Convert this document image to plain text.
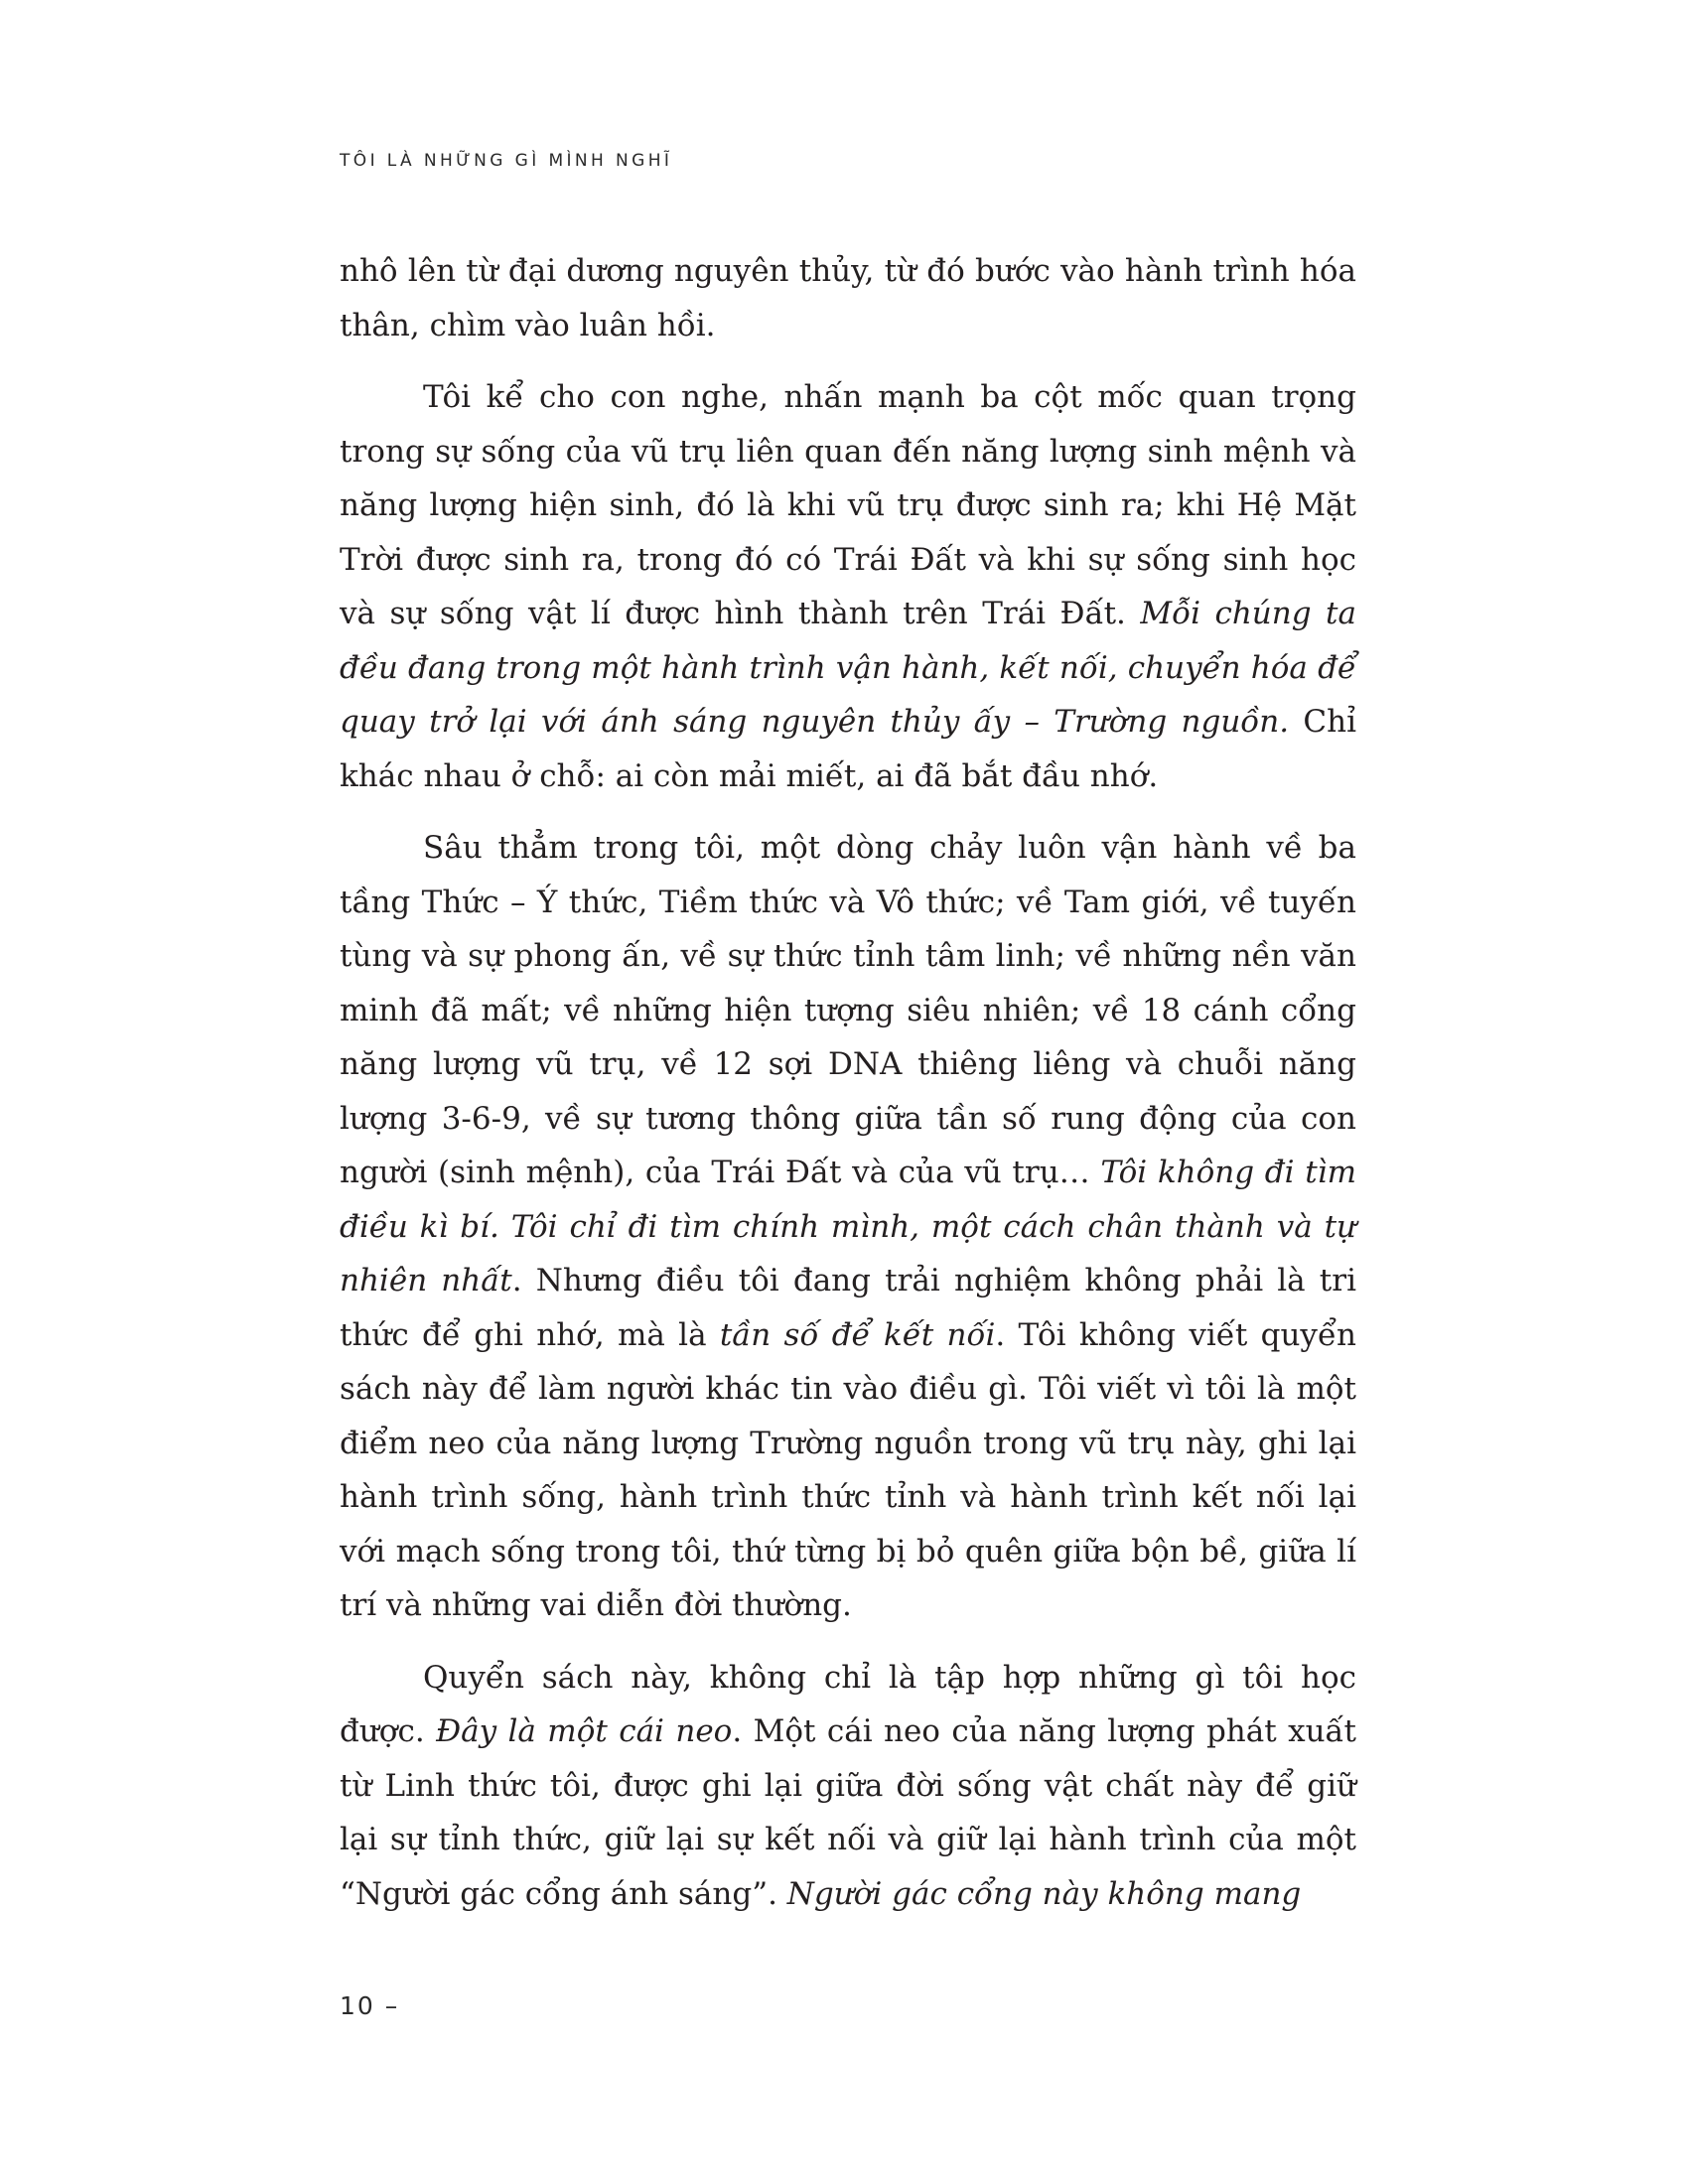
TÔI LÀ NHỮNG GÌ MÌNH NGHĨ

nhô lên từ đại dương nguyên thủy, từ đó bước vào hành trình hóa thân, chìm vào luân hồi.

Tôi kể cho con nghe, nhấn mạnh ba cột mốc quan trọng trong sự sống của vũ trụ liên quan đến năng lượng sinh mệnh và năng lượng hiện sinh, đó là khi vũ trụ được sinh ra; khi Hệ Mặt Trời được sinh ra, trong đó có Trái Đất và khi sự sống sinh học và sự sống vật lí được hình thành trên Trái Đất. Mỗi chúng ta đều đang trong một hành trình vận hành, kết nối, chuyển hóa để quay trở lại với ánh sáng nguyên thủy ấy – Trường nguồn. Chỉ khác nhau ở chỗ: ai còn mải miết, ai đã bắt đầu nhớ.

Sâu thẳm trong tôi, một dòng chảy luôn vận hành về ba tầng Thức – Ý thức, Tiềm thức và Vô thức; về Tam giới, về tuyến tùng và sự phong ấn, về sự thức tỉnh tâm linh; về những nền văn minh đã mất; về những hiện tượng siêu nhiên; về 18 cánh cổng năng lượng vũ trụ, về 12 sợi DNA thiêng liêng và chuỗi năng lượng 3-6-9, về sự tương thông giữa tần số rung động của con người (sinh mệnh), của Trái Đất và của vũ trụ… Tôi không đi tìm điều kì bí. Tôi chỉ đi tìm chính mình, một cách chân thành và tự nhiên nhất. Nhưng điều tôi đang trải nghiệm không phải là tri thức để ghi nhớ, mà là tần số để kết nối. Tôi không viết quyển sách này để làm người khác tin vào điều gì. Tôi viết vì tôi là một điểm neo của năng lượng Trường nguồn trong vũ trụ này, ghi lại hành trình sống, hành trình thức tỉnh và hành trình kết nối lại với mạch sống trong tôi, thứ từng bị bỏ quên giữa bộn bề, giữa lí trí và những vai diễn đời thường.

Quyển sách này, không chỉ là tập hợp những gì tôi học được. Đây là một cái neo. Một cái neo của năng lượng phát xuất từ Linh thức tôi, được ghi lại giữa đời sống vật chất này để giữ lại sự tỉnh thức, giữ lại sự kết nối và giữ lại hành trình của một “Người gác cổng ánh sáng”. Người gác cổng này không mang

10 –
